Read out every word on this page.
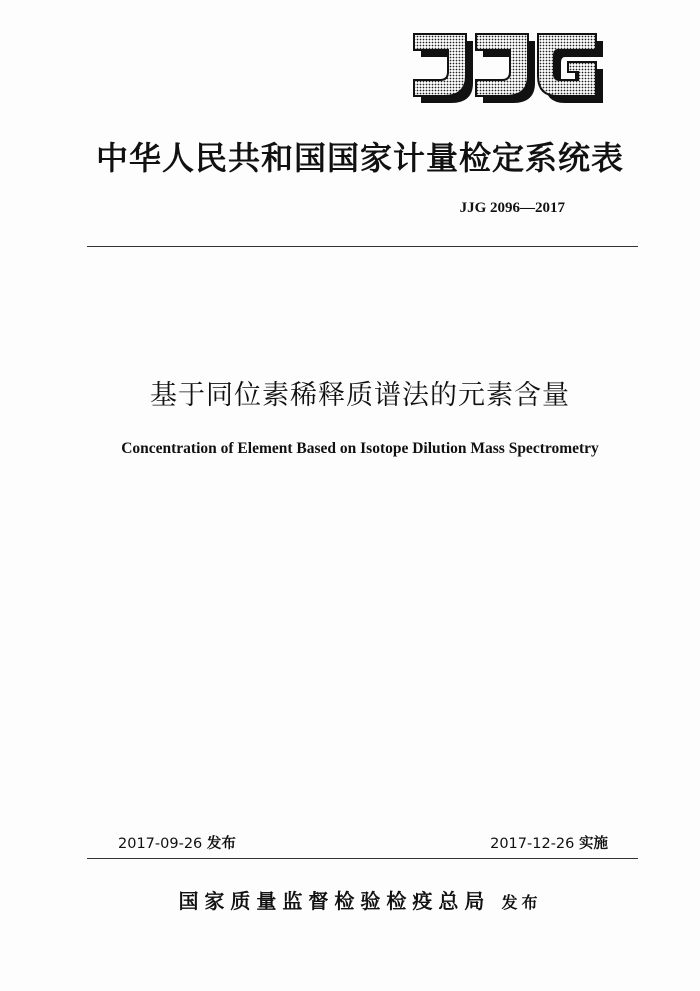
中华人民共和国国家计量检定系统表
JJG 2096—2017
基于同位素稀释质谱法的元素含量
Concentration of Element Based on Isotope Dilution Mass Spectrometry
2017-09-26 发布	2017-12-26 实施
国家质量监督检验检疫总局 发布
